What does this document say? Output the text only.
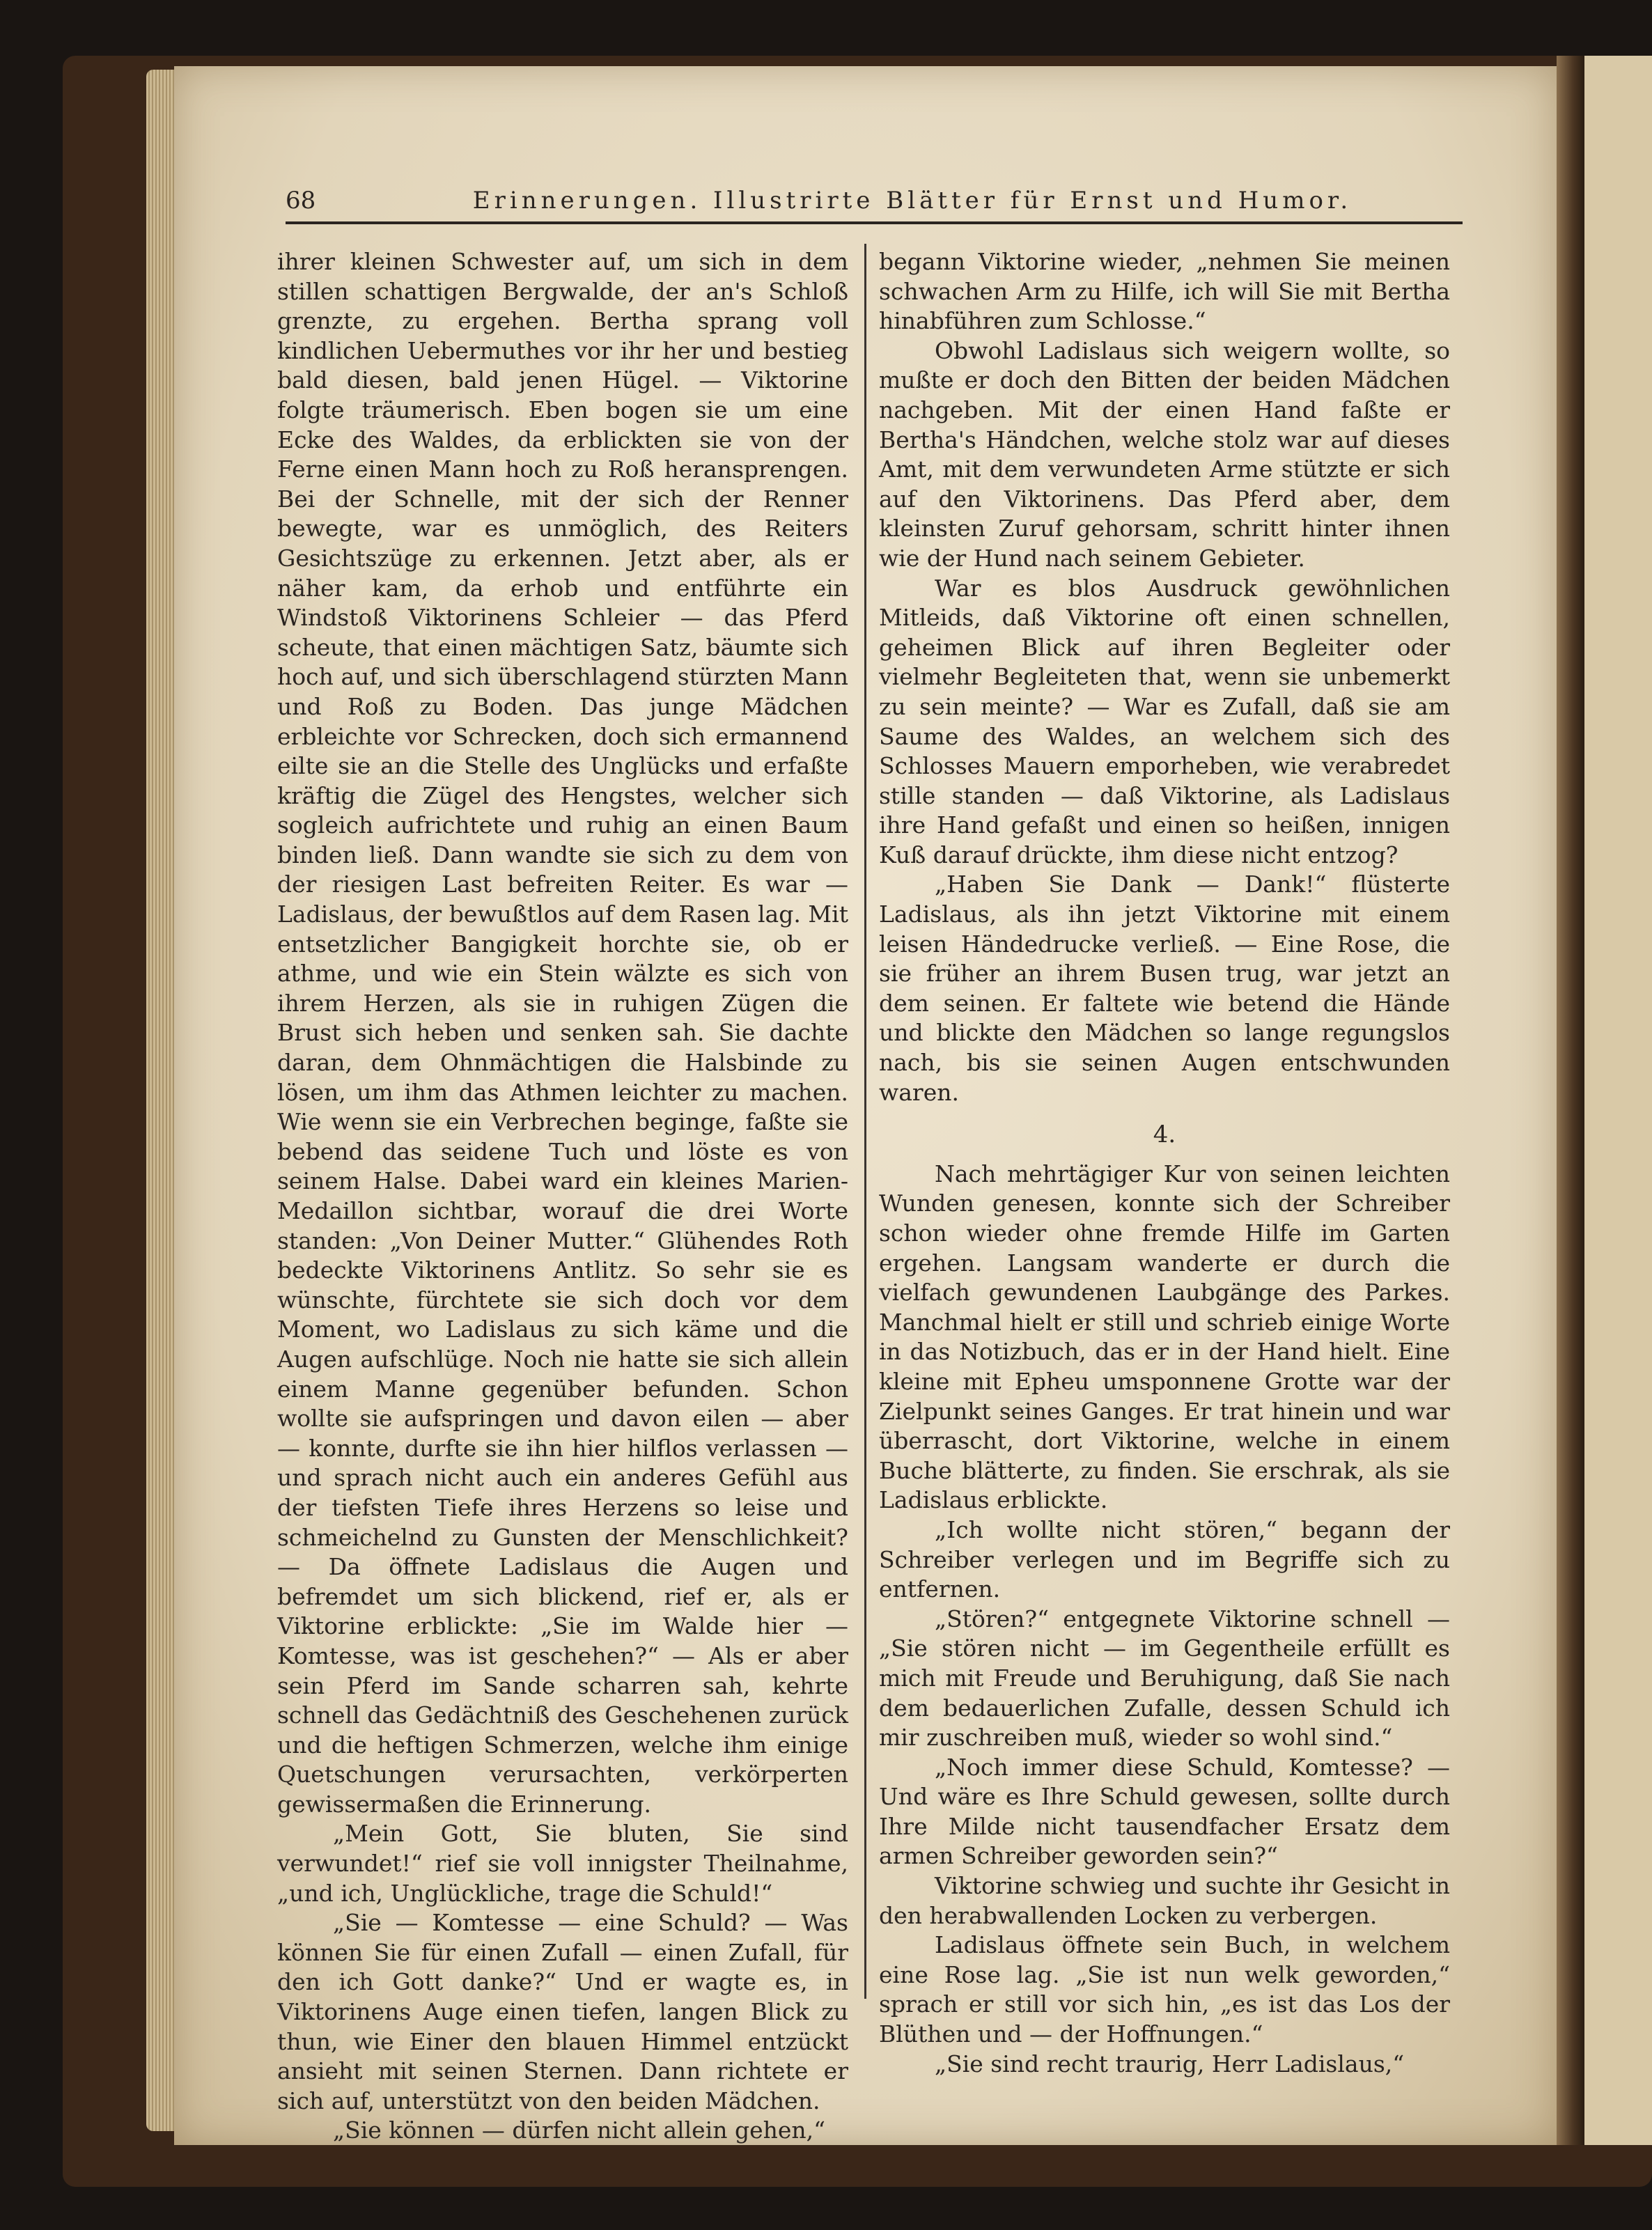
68	Erinnerungen. Illustrirte Blätter für Ernst und Humor.

ihrer kleinen Schwester auf, um sich in dem stillen schattigen Bergwalde, der an's Schloß grenzte, zu ergehen. Bertha sprang voll kindlichen Uebermuthes vor ihr her und bestieg bald diesen, bald jenen Hügel. — Viktorine folgte träumerisch. Eben bogen sie um eine Ecke des Waldes, da erblickten sie von der Ferne einen Mann hoch zu Roß heransprengen. Bei der Schnelle, mit der sich der Renner bewegte, war es unmöglich, des Reiters Gesichtszüge zu erkennen. Jetzt aber, als er näher kam, da erhob und entführte ein Windstoß Viktorinens Schleier — das Pferd scheute, that einen mächtigen Satz, bäumte sich hoch auf, und sich überschlagend stürzten Mann und Roß zu Boden. Das junge Mädchen erbleichte vor Schrecken, doch sich ermannend eilte sie an die Stelle des Unglücks und erfaßte kräftig die Zügel des Hengstes, welcher sich sogleich aufrichtete und ruhig an einen Baum binden ließ. Dann wandte sie sich zu dem von der riesigen Last befreiten Reiter. Es war — Ladislaus, der bewußtlos auf dem Rasen lag. Mit entsetzlicher Bangigkeit horchte sie, ob er athme, und wie ein Stein wälzte es sich von ihrem Herzen, als sie in ruhigen Zügen die Brust sich heben und senken sah. Sie dachte daran, dem Ohnmächtigen die Halsbinde zu lösen, um ihm das Athmen leichter zu machen. Wie wenn sie ein Verbrechen beginge, faßte sie bebend das seidene Tuch und löste es von seinem Halse. Dabei ward ein kleines Marien-Medaillon sichtbar, worauf die drei Worte standen: „Von Deiner Mutter.“ Glühendes Roth bedeckte Viktorinens Antlitz. So sehr sie es wünschte, fürchtete sie sich doch vor dem Moment, wo Ladislaus zu sich käme und die Augen aufschlüge. Noch nie hatte sie sich allein einem Manne gegenüber befunden. Schon wollte sie aufspringen und davon eilen — aber — konnte, durfte sie ihn hier hilflos verlassen — und sprach nicht auch ein anderes Gefühl aus der tiefsten Tiefe ihres Herzens so leise und schmeichelnd zu Gunsten der Menschlichkeit? — Da öffnete Ladislaus die Augen und befremdet um sich blickend, rief er, als er Viktorine erblickte: „Sie im Walde hier — Komtesse, was ist geschehen?“ — Als er aber sein Pferd im Sande scharren sah, kehrte schnell das Gedächtniß des Geschehenen zurück und die heftigen Schmerzen, welche ihm einige Quetschungen verursachten, verkörperten gewissermaßen die Erinnerung.

„Mein Gott, Sie bluten, Sie sind verwundet!“ rief sie voll innigster Theilnahme, „und ich, Unglückliche, trage die Schuld!“

„Sie — Komtesse — eine Schuld? — Was können Sie für einen Zufall — einen Zufall, für den ich Gott danke?“ Und er wagte es, in Viktorinens Auge einen tiefen, langen Blick zu thun, wie Einer den blauen Himmel entzückt ansieht mit seinen Sternen. Dann richtete er sich auf, unterstützt von den beiden Mädchen.

„Sie können — dürfen nicht allein gehen,“

begann Viktorine wieder, „nehmen Sie meinen schwachen Arm zu Hilfe, ich will Sie mit Bertha hinabführen zum Schlosse.“

Obwohl Ladislaus sich weigern wollte, so mußte er doch den Bitten der beiden Mädchen nachgeben. Mit der einen Hand faßte er Bertha's Händchen, welche stolz war auf dieses Amt, mit dem verwundeten Arme stützte er sich auf den Viktorinens. Das Pferd aber, dem kleinsten Zuruf gehorsam, schritt hinter ihnen wie der Hund nach seinem Gebieter.

War es blos Ausdruck gewöhnlichen Mitleids, daß Viktorine oft einen schnellen, geheimen Blick auf ihren Begleiter oder vielmehr Begleiteten that, wenn sie unbemerkt zu sein meinte? — War es Zufall, daß sie am Saume des Waldes, an welchem sich des Schlosses Mauern emporheben, wie verabredet stille standen — daß Viktorine, als Ladislaus ihre Hand gefaßt und einen so heißen, innigen Kuß darauf drückte, ihm diese nicht entzog?

„Haben Sie Dank — Dank!“ flüsterte Ladislaus, als ihn jetzt Viktorine mit einem leisen Händedrucke verließ. — Eine Rose, die sie früher an ihrem Busen trug, war jetzt an dem seinen. Er faltete wie betend die Hände und blickte den Mädchen so lange regungslos nach, bis sie seinen Augen entschwunden waren.

4.

Nach mehrtägiger Kur von seinen leichten Wunden genesen, konnte sich der Schreiber schon wieder ohne fremde Hilfe im Garten ergehen. Langsam wanderte er durch die vielfach gewundenen Laubgänge des Parkes. Manchmal hielt er still und schrieb einige Worte in das Notizbuch, das er in der Hand hielt. Eine kleine mit Epheu umsponnene Grotte war der Zielpunkt seines Ganges. Er trat hinein und war überrascht, dort Viktorine, welche in einem Buche blätterte, zu finden. Sie erschrak, als sie Ladislaus erblickte.

„Ich wollte nicht stören,“ begann der Schreiber verlegen und im Begriffe sich zu entfernen.

„Stören?“ entgegnete Viktorine schnell — „Sie stören nicht — im Gegentheile erfüllt es mich mit Freude und Beruhigung, daß Sie nach dem bedauerlichen Zufalle, dessen Schuld ich mir zuschreiben muß, wieder so wohl sind.“

„Noch immer diese Schuld, Komtesse? — Und wäre es Ihre Schuld gewesen, sollte durch Ihre Milde nicht tausendfacher Ersatz dem armen Schreiber geworden sein?“

Viktorine schwieg und suchte ihr Gesicht in den herabwallenden Locken zu verbergen.

Ladislaus öffnete sein Buch, in welchem eine Rose lag. „Sie ist nun welk geworden,“ sprach er still vor sich hin, „es ist das Los der Blüthen und — der Hoffnungen.“

„Sie sind recht traurig, Herr Ladislaus,“
